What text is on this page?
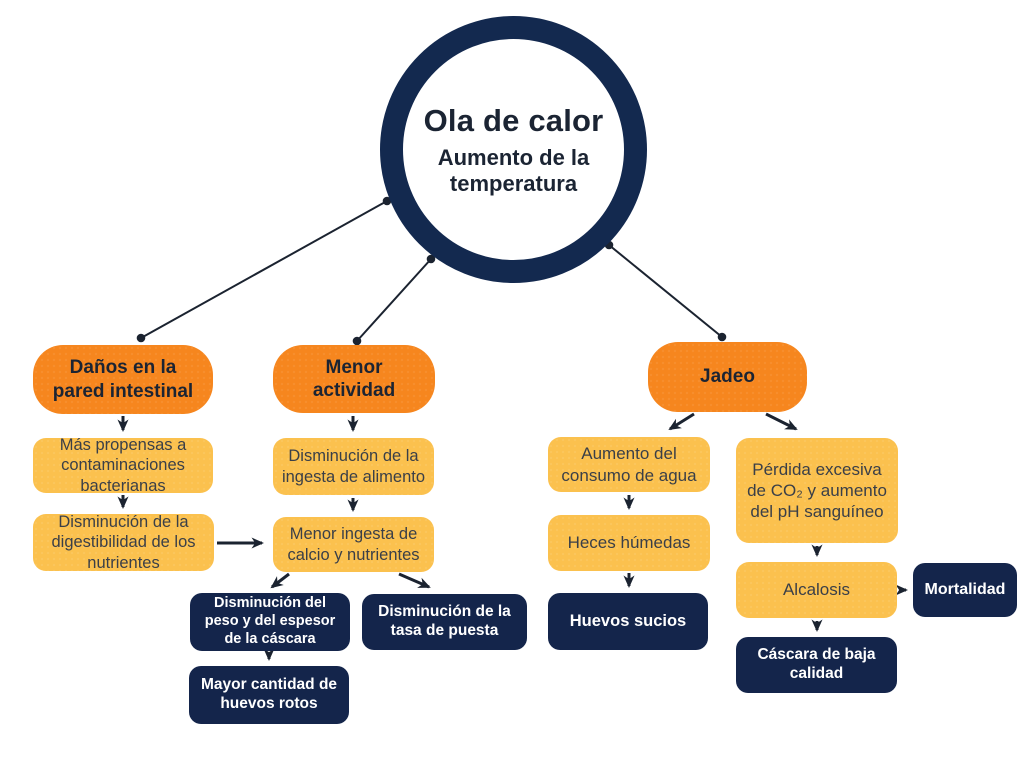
Ola de calor
Aumento de la temperatura
Daños en la pared intestinal
Más propensas a contaminaciones bacterianas
Disminución de la digestibilidad de los nutrientes
Menor actividad
Disminución de la ingesta de alimento
Menor ingesta de calcio y nutrientes
Disminución del peso y del espesor de la cáscara
Mayor cantidad de huevos rotos
Disminución de la tasa de puesta
Jadeo
Aumento del consumo de agua
Heces húmedas
Huevos sucios
Pérdida excesiva de CO₂ y aumento del pH sanguíneo
Alcalosis	Mortalidad
Cáscara de baja calidad
